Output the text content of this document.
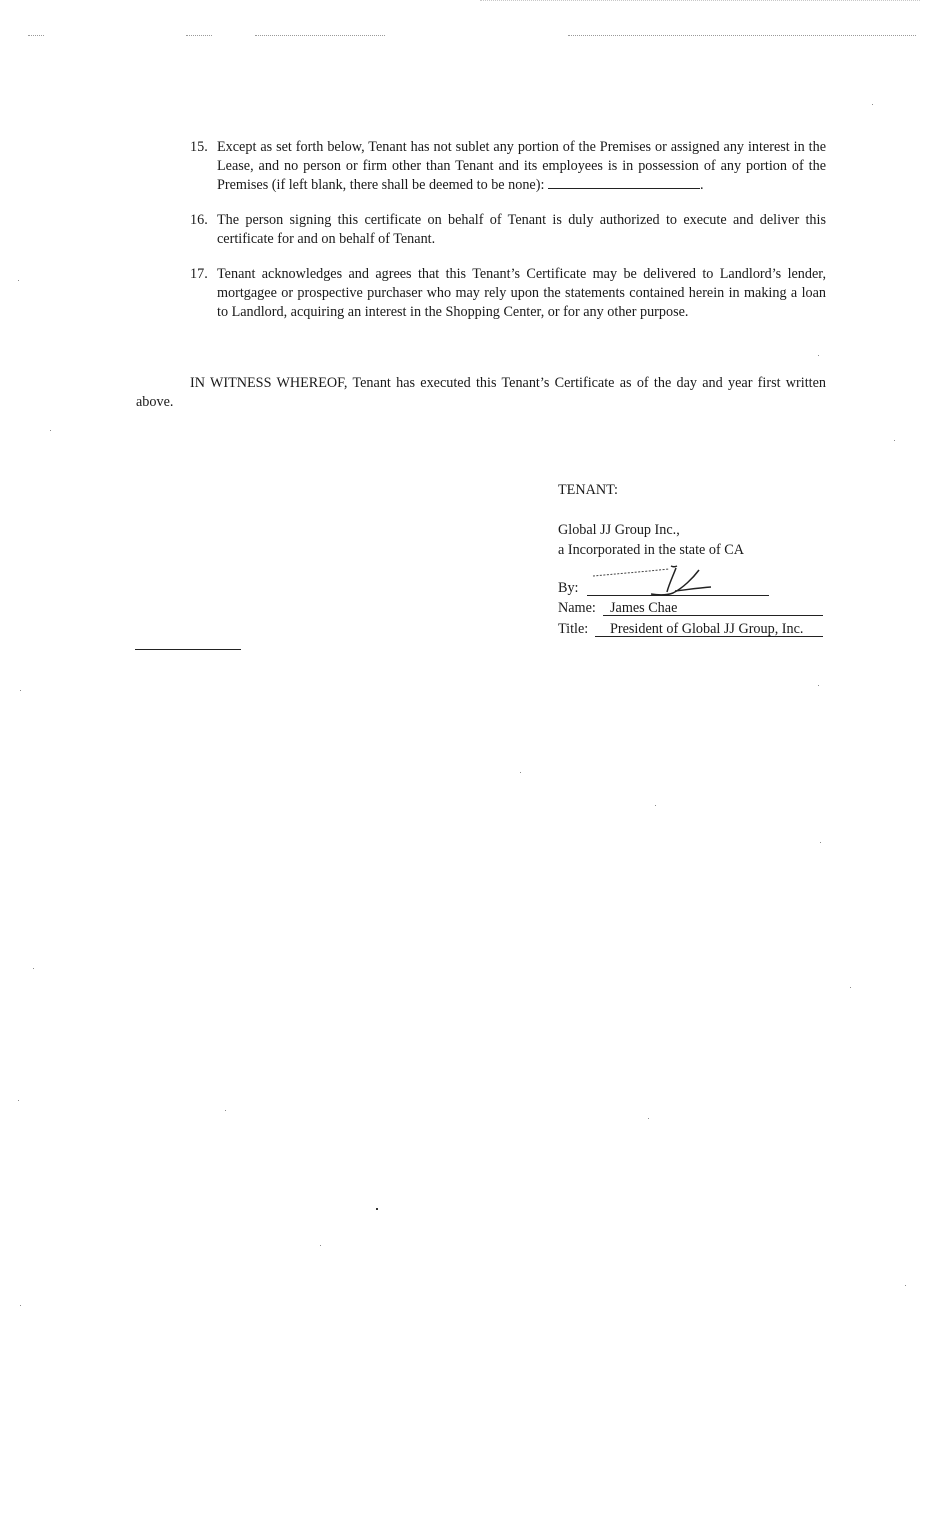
15. Except as set forth below, Tenant has not sublet any portion of the Premises or assigned any interest in the Lease, and no person or firm other than Tenant and its employees is in possession of any portion of the Premises (if left blank, there shall be deemed to be none):	.
16. The person signing this certificate on behalf of Tenant is duly authorized to execute and deliver this certificate for and on behalf of Tenant.
17. Tenant acknowledges and agrees that this Tenant’s Certificate may be delivered to Landlord’s lender, mortgagee or prospective purchaser who may rely upon the statements contained herein in making a loan to Landlord, acquiring an interest in the Shopping Center, or for any other purpose.
IN WITNESS WHEREOF, Tenant has executed this Tenant’s Certificate as of the day and year first written above.
TENANT:
Global JJ Group Inc.,
a Incorporated in the state of CA
By:
Name: James Chae
Title: President of Global JJ Group, Inc.
